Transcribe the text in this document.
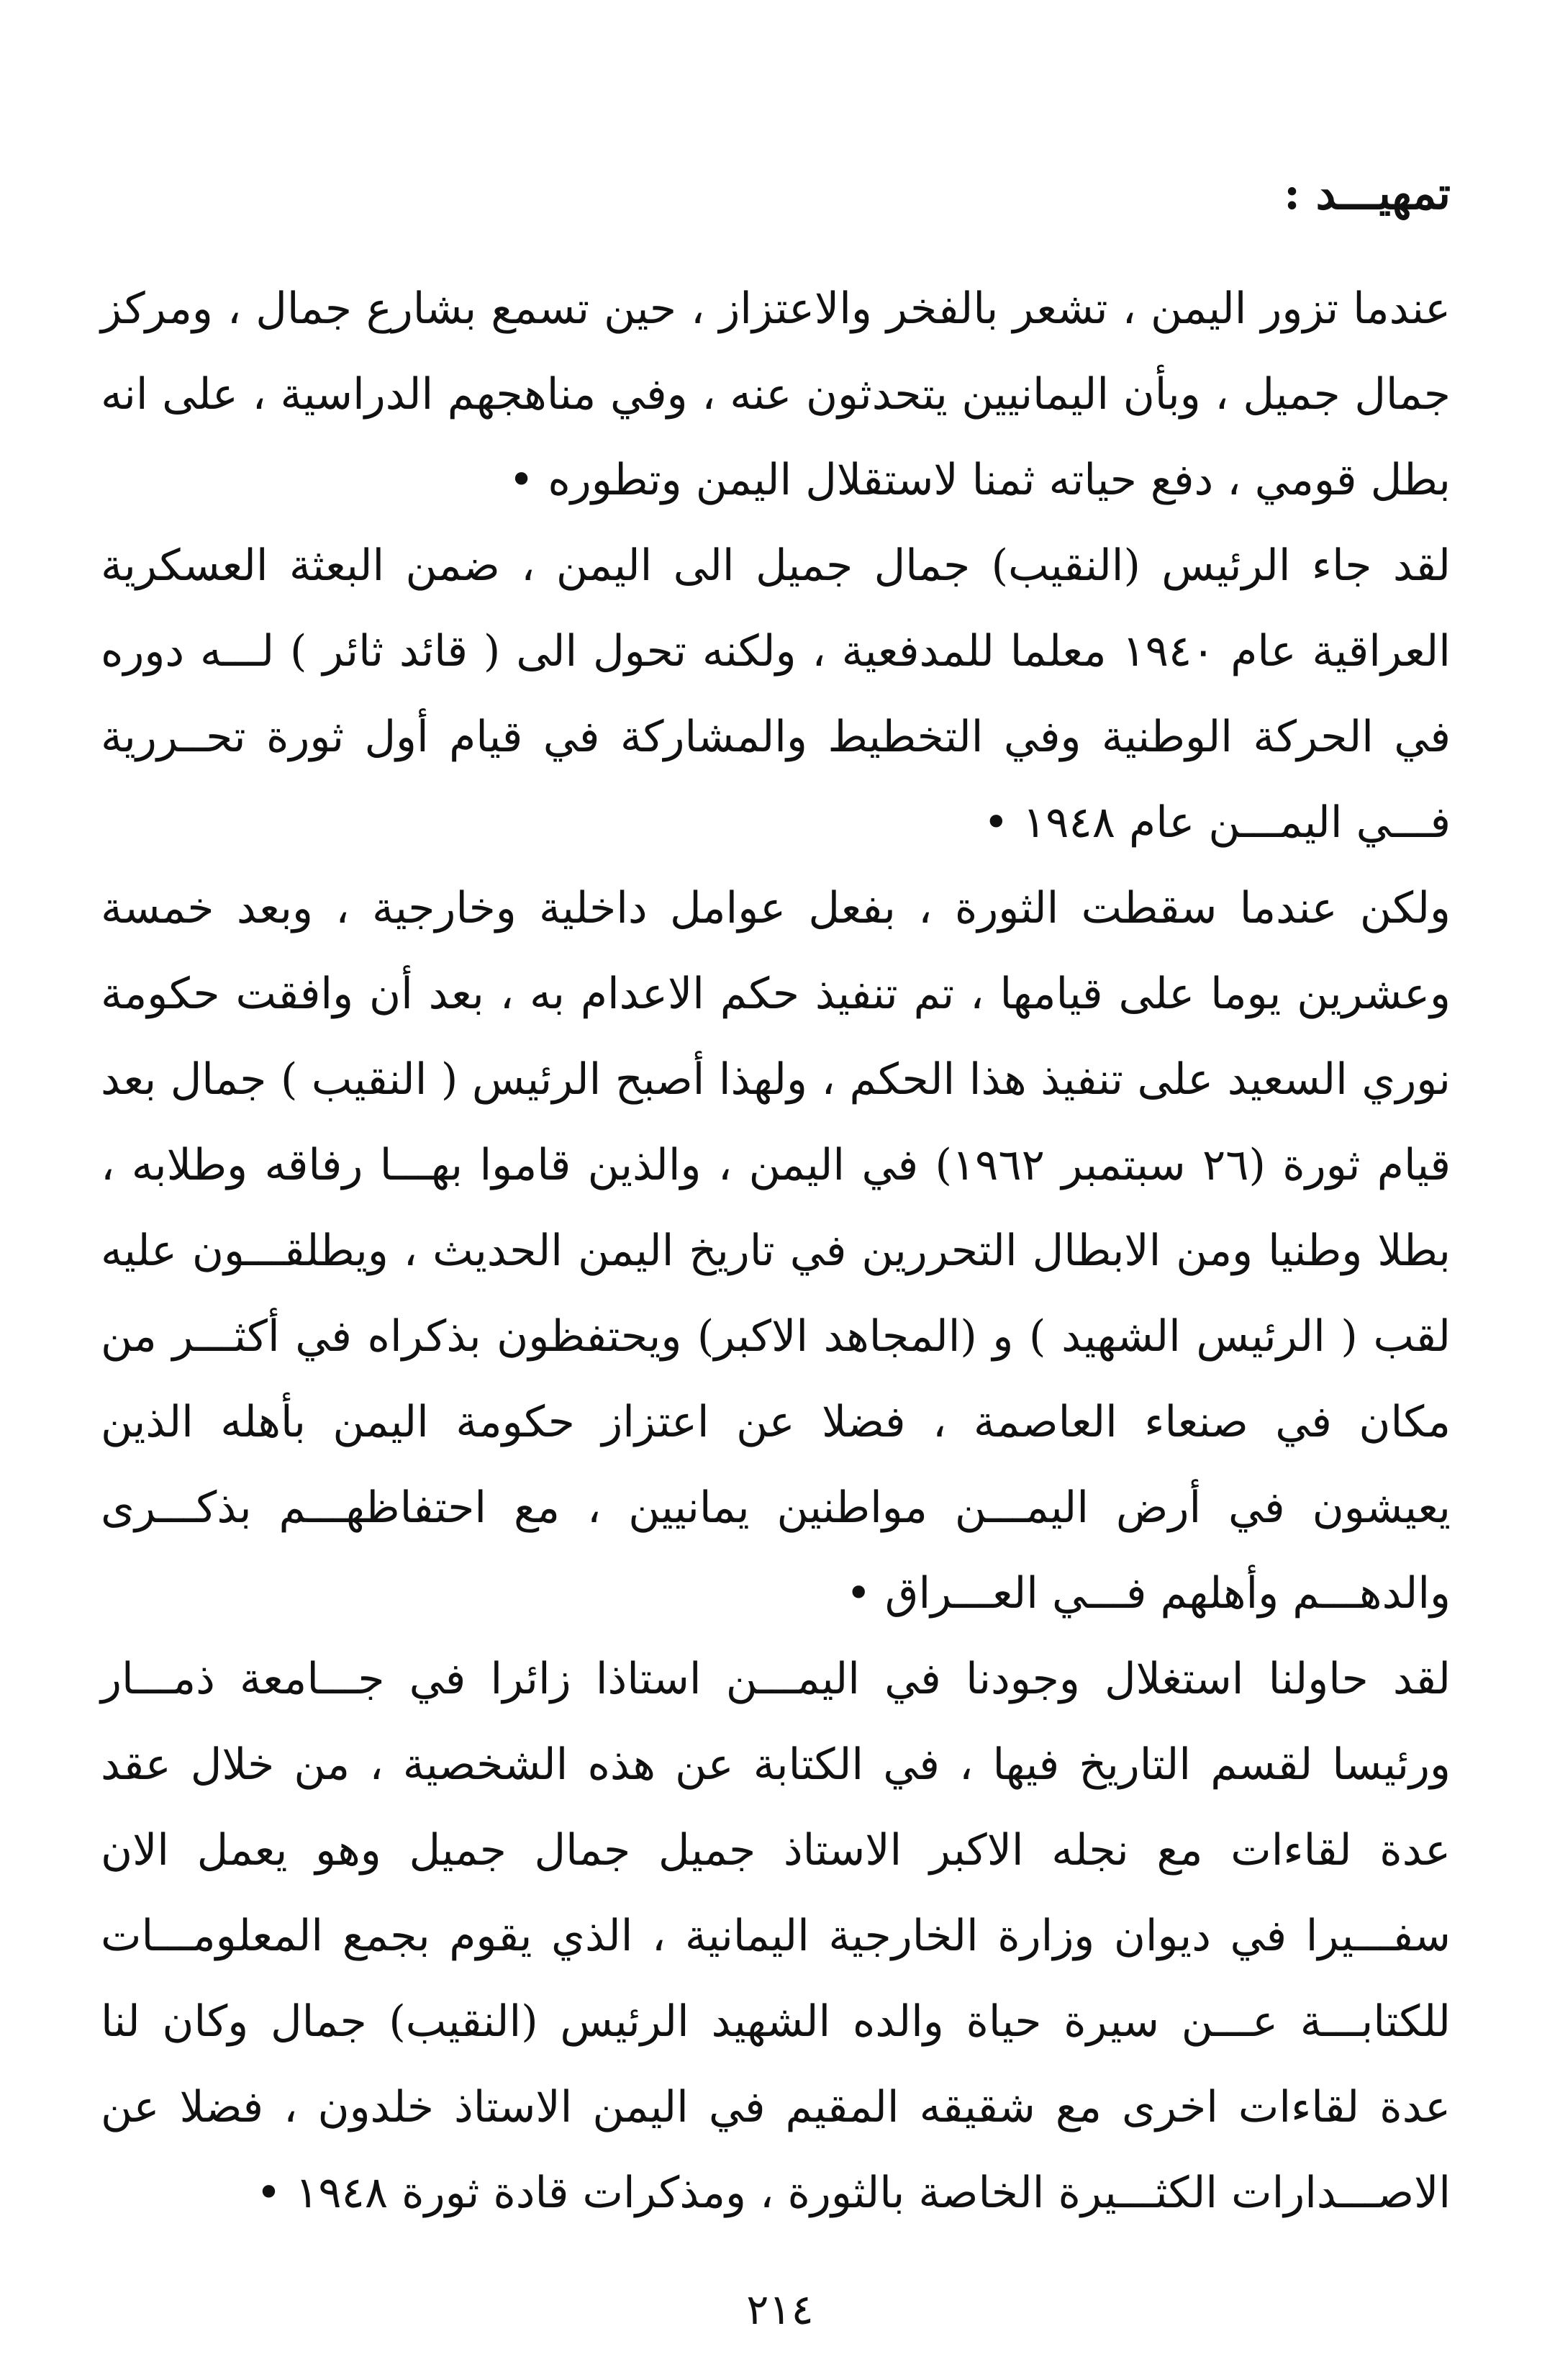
تمهيـــد :

عندما تزور اليمن ، تشعر بالفخر والاعتزاز ، حين تسمع بشارع جمال ، ومركز جمال جميل ، وبأن اليمانيين يتحدثون عنه ، وفي مناهجهم الدراسية ، على انه بطل قومي ، دفع حياته ثمنا لاستقلال اليمن وتطوره •

لقد جاء الرئيس (النقيب) جمال جميل الى اليمن ، ضمن البعثة العسكرية العراقية عام ١٩٤٠ معلما للمدفعية ، ولكنه تحول الى ( قائد ثائر ) لـــه دوره في الحركة الوطنية وفي التخطيط والمشاركة في قيام أول ثورة تحــررية فـــي اليمـــن عام ١٩٤٨ •

ولكن عندما سقطت الثورة ، بفعل عوامل داخلية وخارجية ، وبعد خمسة وعشرين يوما على قيامها ، تم تنفيذ حكم الاعدام به ، بعد أن وافقت حكومة نوري السعيد على تنفيذ هذا الحكم ، ولهذا أصبح الرئيس ( النقيب ) جمال بعد قيام ثورة (٢٦ سبتمبر ١٩٦٢) في اليمن ، والذين قاموا بهـــا رفاقه وطلابه ، بطلا وطنيا ومن الابطال التحررين في تاريخ اليمن الحديث ، ويطلقـــون عليه لقب ( الرئيس الشهيد ) و (المجاهد الاكبر) ويحتفظون بذكراه في أكثـــر من مكان في صنعاء العاصمة ، فضلا عن اعتزاز حكومة اليمن بأهله الذين يعيشون في أرض اليمـــن مواطنين يمانيين ، مع احتفاظهـــم بذكـــرى والدهـــم وأهلهم فـــي العـــراق •

لقد حاولنا استغلال وجودنا في اليمـــن استاذا زائرا في جـــامعة ذمـــار ورئيسا لقسم التاريخ فيها ، في الكتابة عن هذه الشخصية ، من خلال عقد عدة لقاءات مع نجله الاكبر الاستاذ جميل جمال جميل وهو يعمل الان سفـــيرا في ديوان وزارة الخارجية اليمانية ، الذي يقوم بجمع المعلومـــات للكتابـــة عـــن سيرة حياة والده الشهيد الرئيس (النقيب) جمال وكان لنا عدة لقاءات اخرى مع شقيقه المقيم في اليمن الاستاذ خلدون ، فضلا عن الاصـــدارات الكثـــيرة الخاصة بالثورة ، ومذكرات قادة ثورة ١٩٤٨ •

٢١٤
